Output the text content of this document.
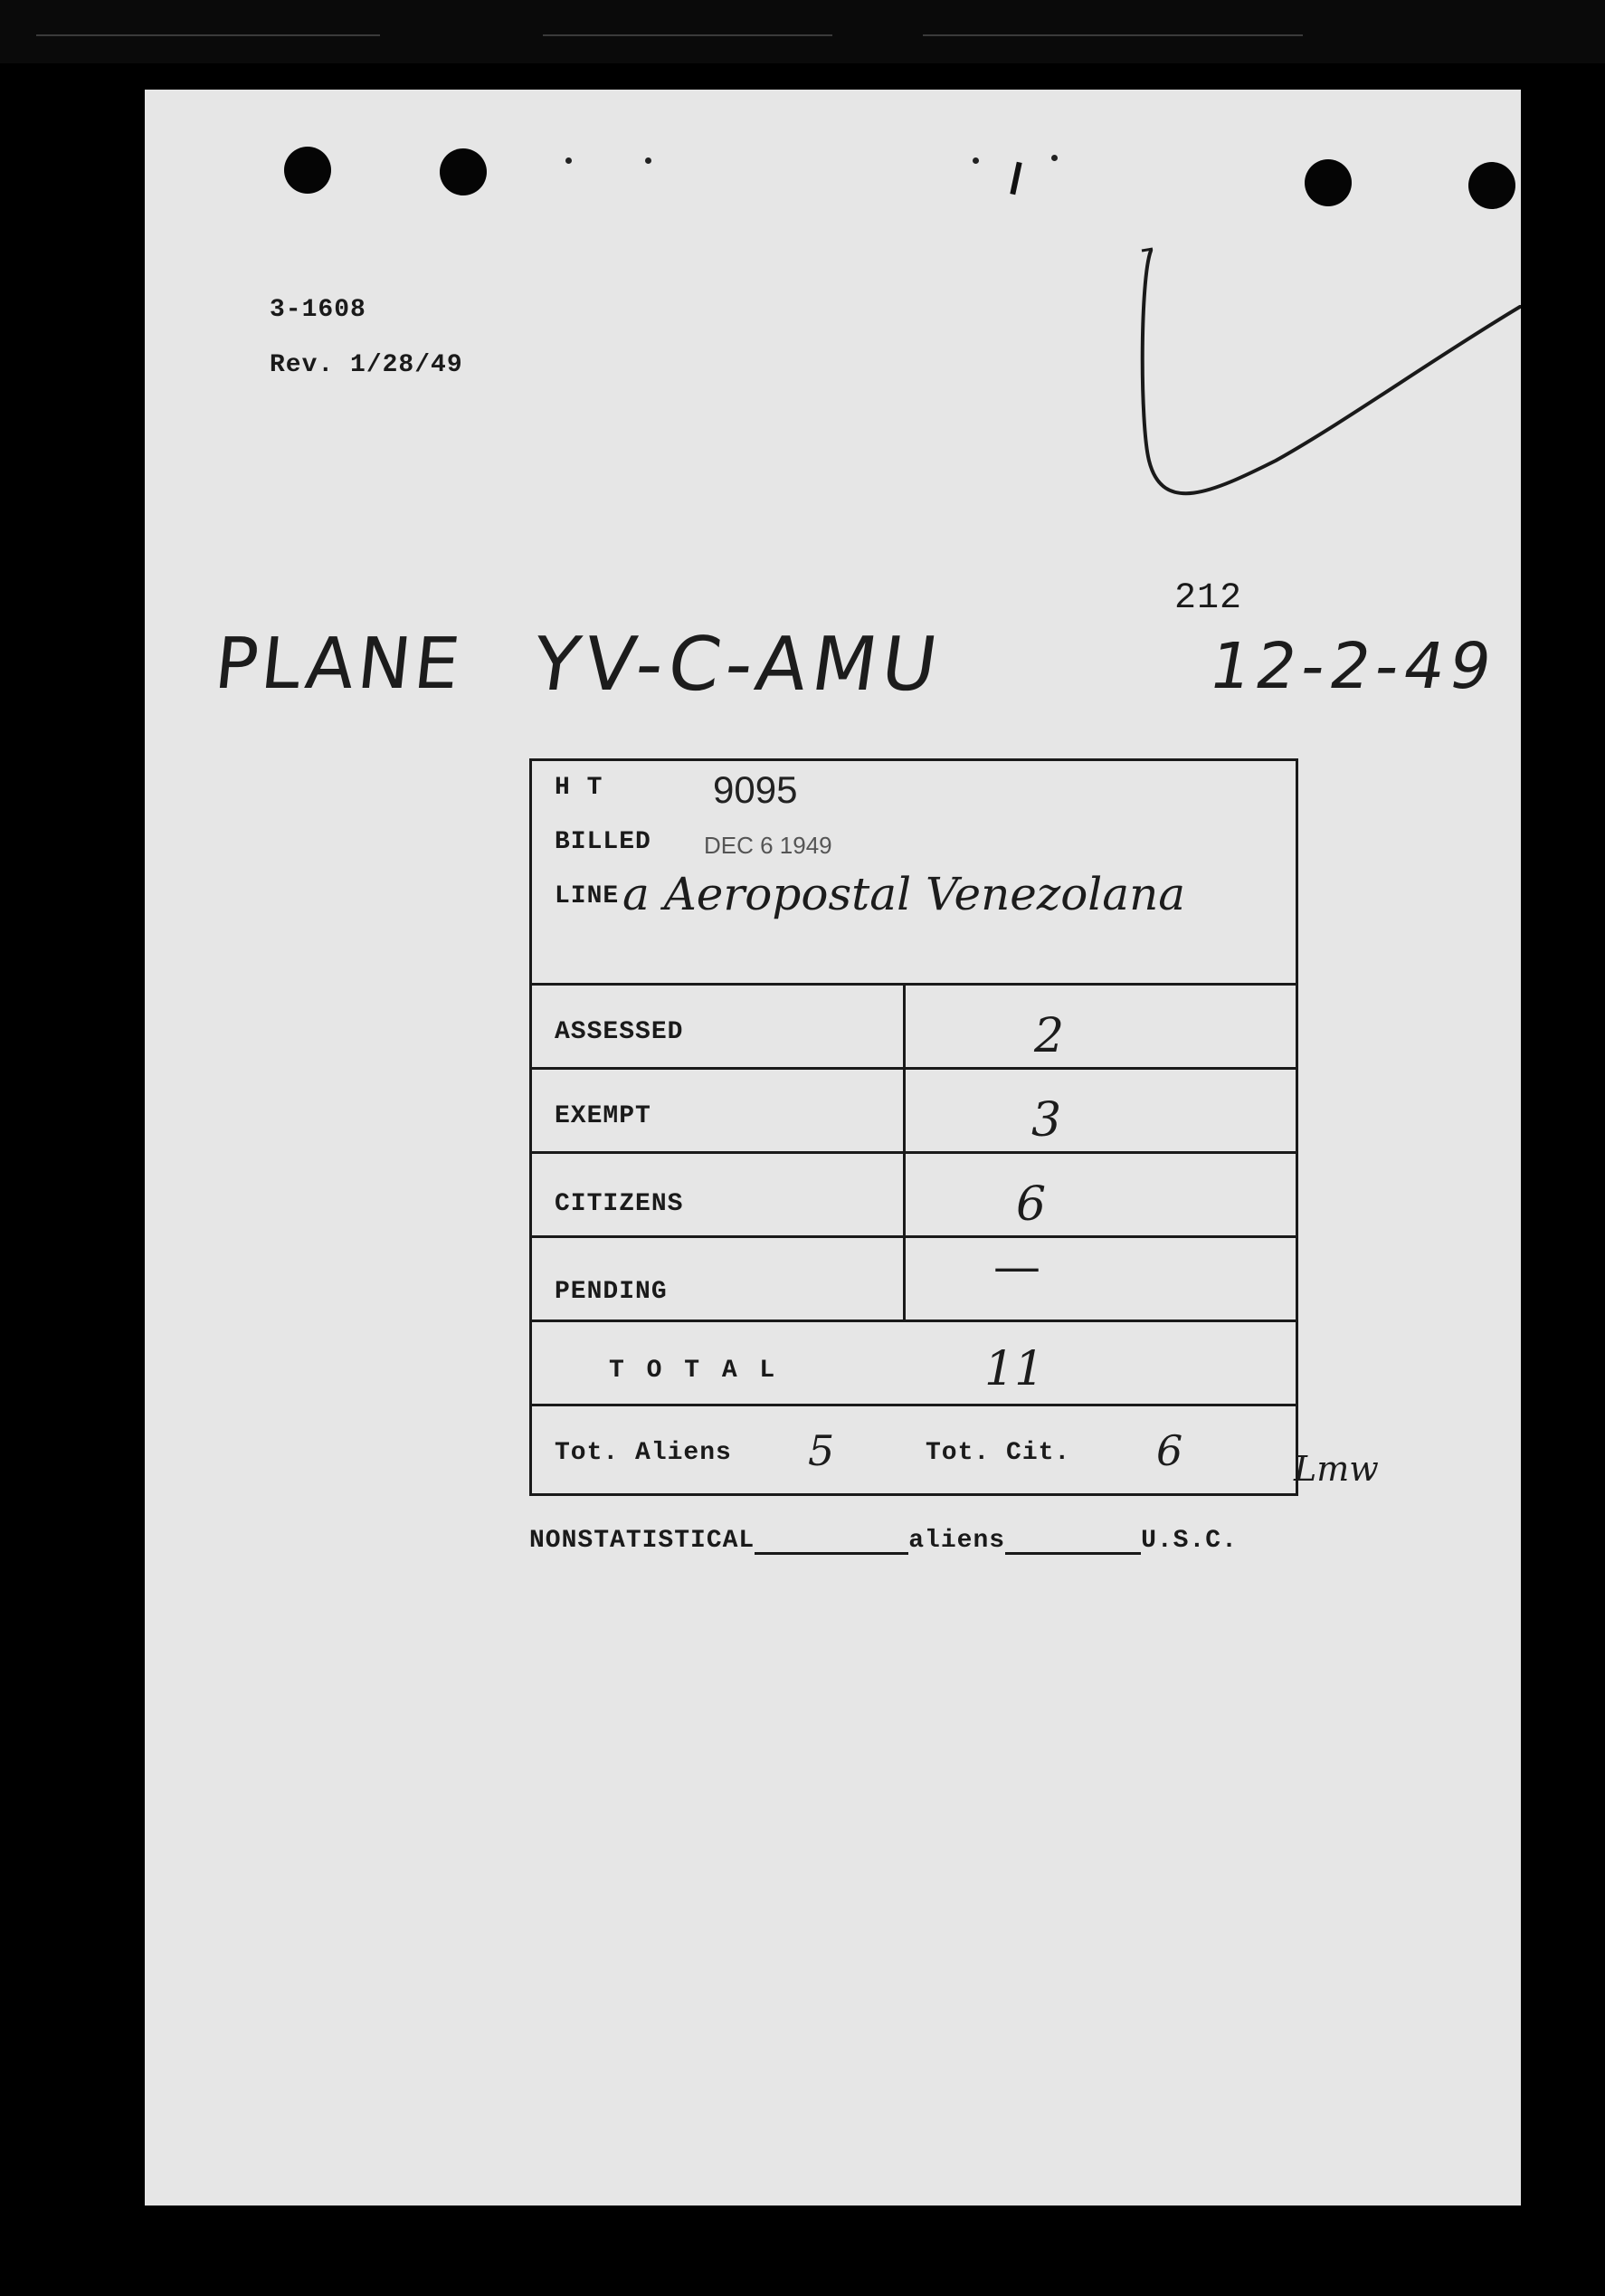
3-1608
Rev. 1/28/49
212
PLANE YV-C-AMU	12-2-49
NONSTATISTICAL	aliens	U.S.C.
Lmw
H T	9095
BILLED DEC 6 1949
LINE a Aeropostal Venezolana
ASSESSED	2
EXEMPT	3
CITIZENS	6
PENDING	—
T O T A L	11
Tot. Aliens 5	Tot. Cit. 6
